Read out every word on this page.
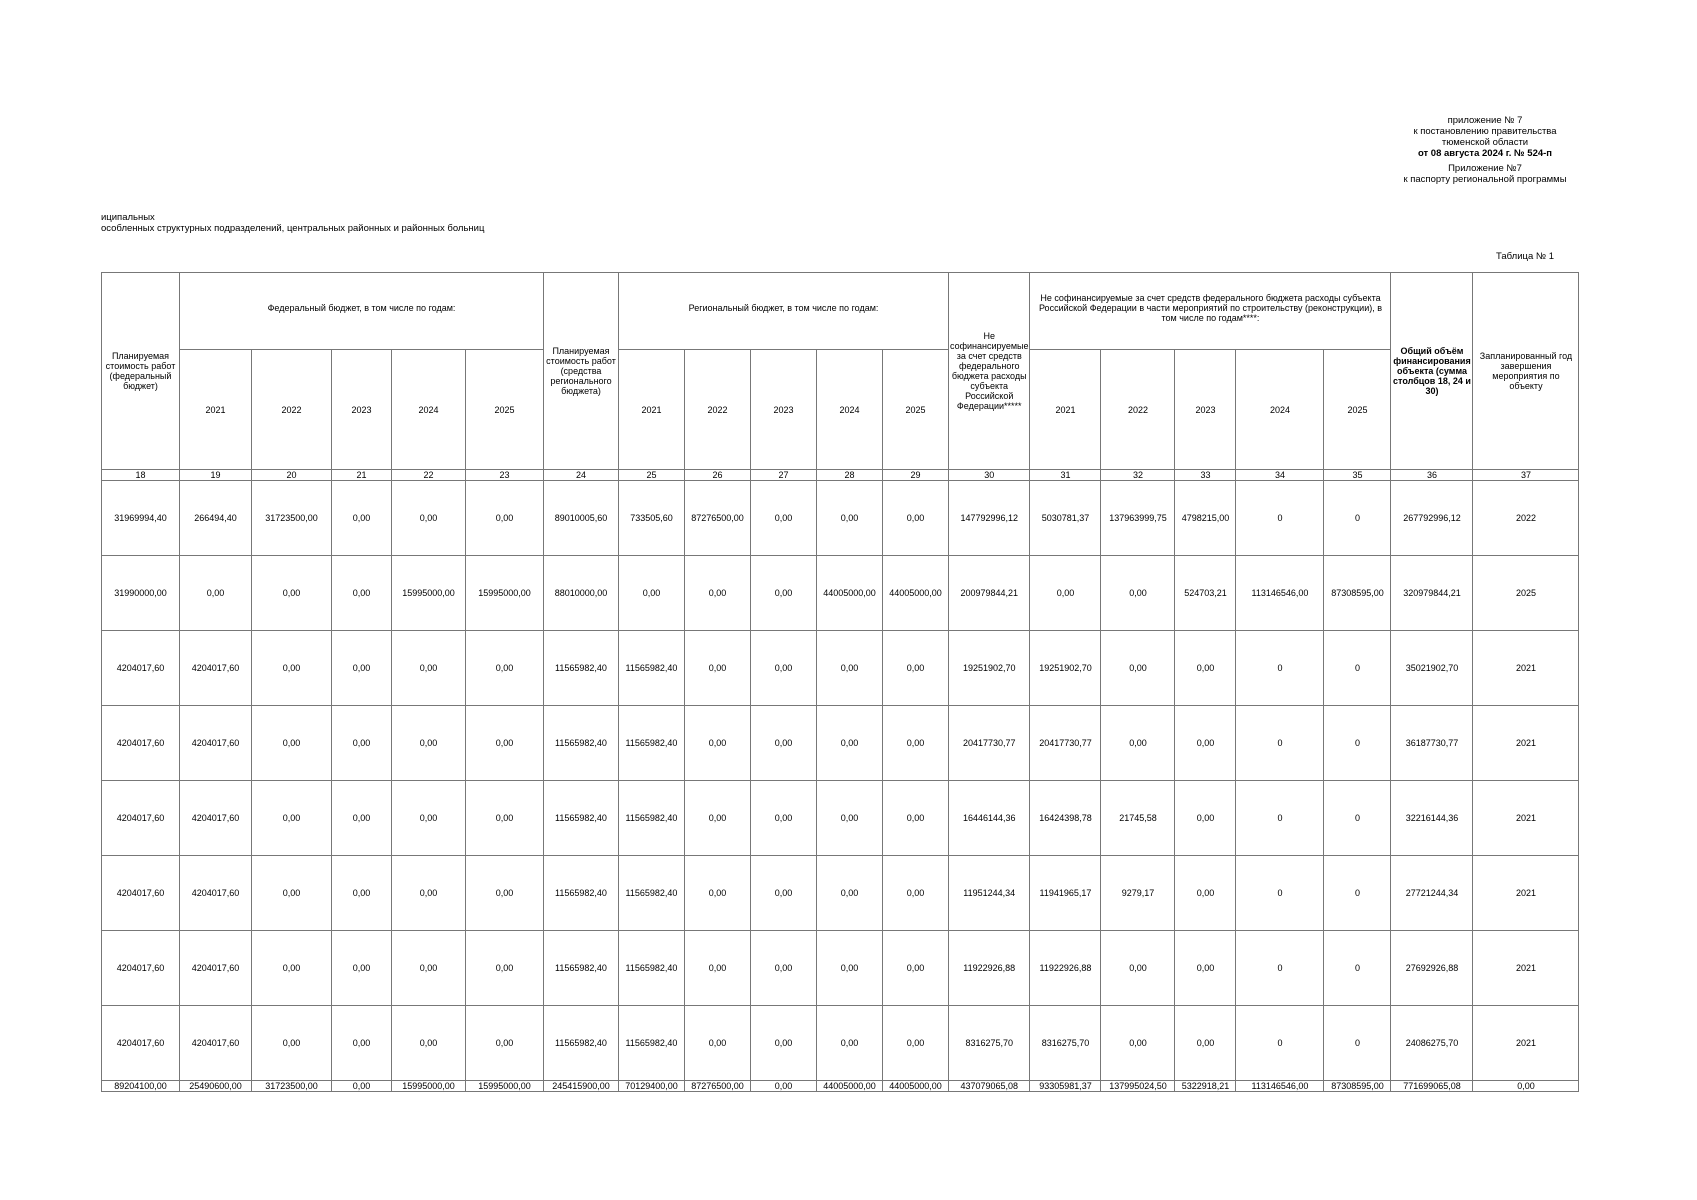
приложение № 7
к постановлению правительства
тюменской области
от 08 августа 2024 г. № 524-п
Приложение №7
к паспорту региональной программы
иципальных
особленных структурных подразделений, центральных районных и районных больниц
Таблица № 1
Планируемая стоимость работ (федеральный бюджет)	Федеральный бюджет, в том числе по годам:					Планируемая стоимость работ (средства регионального бюджета)	Региональный бюджет, в том числе по годам:					Не софинансируемые за счет средств федерального бюджета расходы субъекта Российской Федерации*****	Не софинансируемые за счет средств федерального бюджета расходы субъекта Российской Федерации в части мероприятий по строительству (реконструкции), в том числе по годам****:					Общий объём финансирования объекта (сумма столбцов 18, 24 и 30)	Запланированный год завершения мероприятия по объекту
	2021	2022	2023	2024	2025		2021	2022	2023	2024	2025		2021	2022	2023	2024	2025		
18	19	20	21	22	23	24	25	26	27	28	29	30	31	32	33	34	35	36	37
31969994,40	266494,40	31723500,00	0,00	0,00	0,00	89010005,60	733505,60	87276500,00	0,00	0,00	0,00	147792996,12	5030781,37	137963999,75	4798215,00	0	0	267792996,12	2022
31990000,00	0,00	0,00	0,00	15995000,00	15995000,00	88010000,00	0,00	0,00	0,00	44005000,00	44005000,00	200979844,21	0,00	0,00	524703,21	113146546,00	87308595,00	320979844,21	2025
4204017,60	4204017,60	0,00	0,00	0,00	0,00	11565982,40	11565982,40	0,00	0,00	0,00	0,00	19251902,70	19251902,70	0,00	0,00	0	0	35021902,70	2021
4204017,60	4204017,60	0,00	0,00	0,00	0,00	11565982,40	11565982,40	0,00	0,00	0,00	0,00	20417730,77	20417730,77	0,00	0,00	0	0	36187730,77	2021
4204017,60	4204017,60	0,00	0,00	0,00	0,00	11565982,40	11565982,40	0,00	0,00	0,00	0,00	16446144,36	16424398,78	21745,58	0,00	0	0	32216144,36	2021
4204017,60	4204017,60	0,00	0,00	0,00	0,00	11565982,40	11565982,40	0,00	0,00	0,00	0,00	11951244,34	11941965,17	9279,17	0,00	0	0	27721244,34	2021
4204017,60	4204017,60	0,00	0,00	0,00	0,00	11565982,40	11565982,40	0,00	0,00	0,00	0,00	11922926,88	11922926,88	0,00	0,00	0	0	27692926,88	2021
4204017,60	4204017,60	0,00	0,00	0,00	0,00	11565982,40	11565982,40	0,00	0,00	0,00	0,00	8316275,70	8316275,70	0,00	0,00	0	0	24086275,70	2021
89204100,00	25490600,00	31723500,00	0,00	15995000,00	15995000,00	245415900,00	70129400,00	87276500,00	0,00	44005000,00	44005000,00	437079065,08	93305981,37	137995024,50	5322918,21	113146546,00	87308595,00	771699065,08	0,00
